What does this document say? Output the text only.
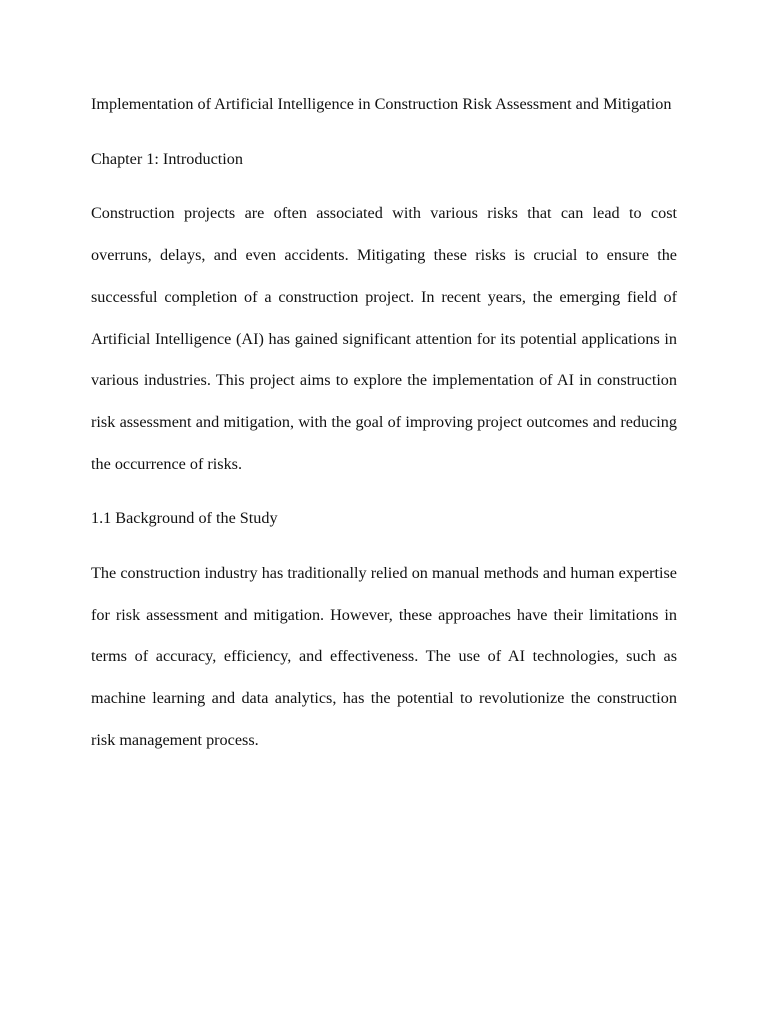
Implementation of Artificial Intelligence in Construction Risk Assessment and Mitigation

Chapter 1: Introduction

Construction projects are often associated with various risks that can lead to cost overruns, delays, and even accidents. Mitigating these risks is crucial to ensure the successful completion of a construction project. In recent years, the emerging field of Artificial Intelligence (AI) has gained significant attention for its potential applications in various industries. This project aims to explore the implementation of AI in construction risk assessment and mitigation, with the goal of improving project outcomes and reducing the occurrence of risks.

1.1 Background of the Study

The construction industry has traditionally relied on manual methods and human expertise for risk assessment and mitigation. However, these approaches have their limitations in terms of accuracy, efficiency, and effectiveness. The use of AI technologies, such as machine learning and data analytics, has the potential to revolutionize the construction risk management process.
